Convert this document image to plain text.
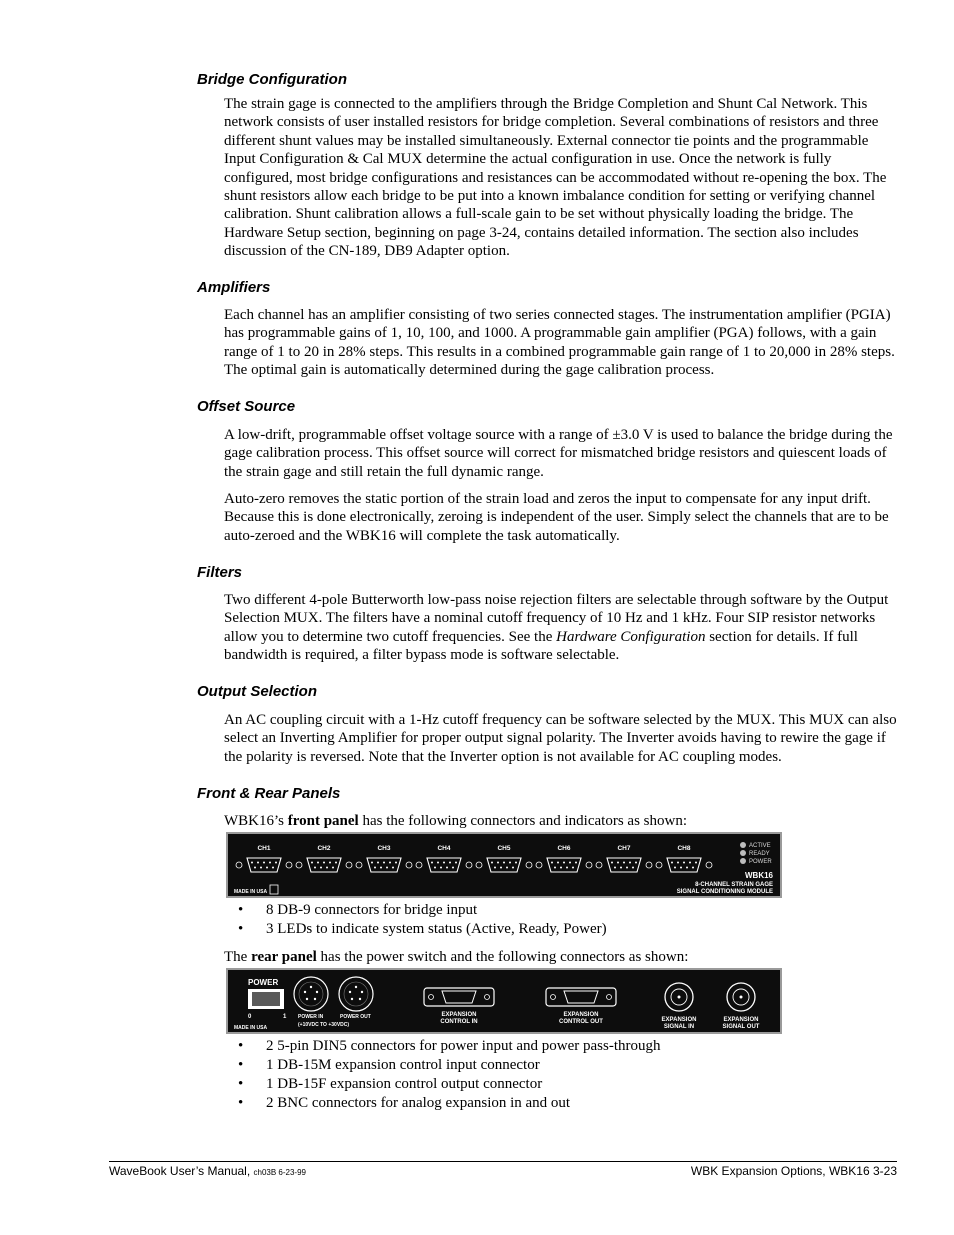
Bridge Configuration

The strain gage is connected to the amplifiers through the Bridge Completion and Shunt Cal Network. This network consists of user installed resistors for bridge completion. Several combinations of resistors and three different shunt values may be installed simultaneously. External connector tie points and the programmable Input Configuration & Cal MUX determine the actual configuration in use. Once the network is fully configured, most bridge configurations and resistances can be accommodated without re-opening the box. The shunt resistors allow each bridge to be put into a known imbalance condition for setting or verifying channel calibration. Shunt calibration allows a full-scale gain to be set without physically loading the bridge. The Hardware Setup section, beginning on page 3-24, contains detailed information. The section also includes discussion of the CN-189, DB9 Adapter option.

Amplifiers

Each channel has an amplifier consisting of two series connected stages. The instrumentation amplifier (PGIA) has programmable gains of 1, 10, 100, and 1000. A programmable gain amplifier (PGA) follows, with a gain range of 1 to 20 in 28% steps. This results in a combined programmable gain range of 1 to 20,000 in 28% steps. The optimal gain is automatically determined during the gage calibration process.

Offset Source

A low-drift, programmable offset voltage source with a range of ±3.0 V is used to balance the bridge during the gage calibration process. This offset source will correct for mismatched bridge resistors and quiescent loads of the strain gage and still retain the full dynamic range.

Auto-zero removes the static portion of the strain load and zeros the input to compensate for any input drift. Because this is done electronically, zeroing is independent of the user. Simply select the channels that are to be auto-zeroed and the WBK16 will complete the task automatically.

Filters

Two different 4-pole Butterworth low-pass noise rejection filters are selectable through software by the Output Selection MUX. The filters have a nominal cutoff frequency of 10 Hz and 1 kHz. Four SIP resistor networks allow you to determine two cutoff frequencies. See the Hardware Configuration section for details. If full bandwidth is required, a filter bypass mode is software selectable.

Output Selection

An AC coupling circuit with a 1-Hz cutoff frequency can be software selected by the MUX. This MUX can also select an Inverting Amplifier for proper output signal polarity. The Inverter avoids having to rewire the gage if the polarity is reversed. Note that the Inverter option is not available for AC coupling modes.

Front & Rear Panels

WBK16’s front panel has the following connectors and indicators as shown:

CH1	CH2	CH3	CH4	CH5	CH6	CH7	CH8	ACTIVE
READY
POWER
WBK16
8-CHANNEL STRAIN GAGE
SIGNAL CONDITIONING MODULE
MADE IN USA
• 8 DB-9 connectors for bridge input
• 3 LEDs to indicate system status (Active, Ready, Power)

The rear panel has the power switch and the following connectors as shown:

POWER
0	1 POWER IN	POWER OUT
(+10VDC TO +30VDC)
EXPANSION
CONTROL IN
EXPANSION
CONTROL OUT	EXPANSION
SIGNAL IN
EXPANSION
SIGNAL OUT
MADE IN USA
• 2 5-pin DIN5 connectors for power input and power pass-through
• 1 DB-15M expansion control input connector
• 1 DB-15F expansion control output connector
• 2 BNC connectors for analog expansion in and out
WaveBook User’s Manual, ch03B 6-23-99	WBK Expansion Options, WBK16 3-23
